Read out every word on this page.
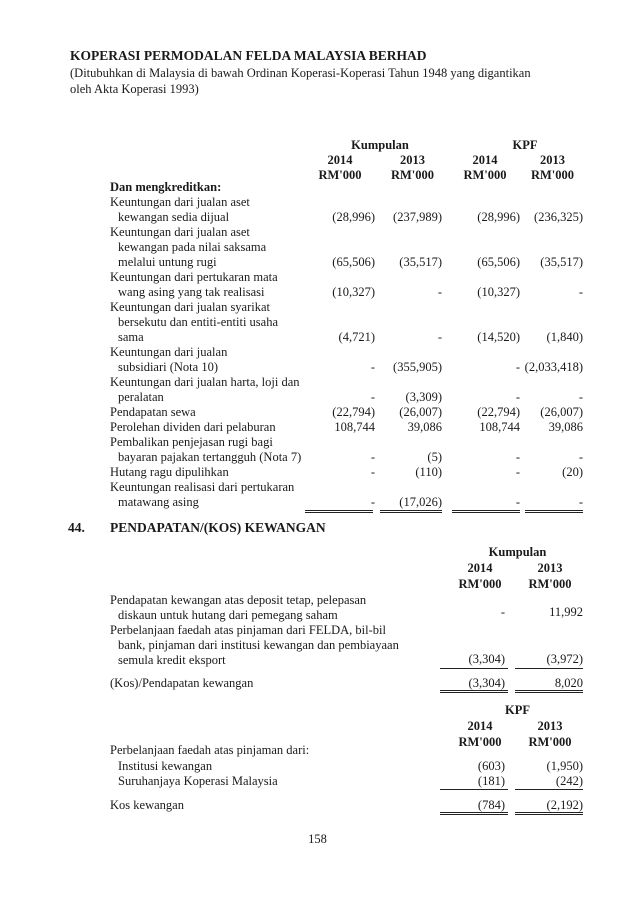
KOPERASI PERMODALAN FELDA MALAYSIA BERHAD
(Ditubuhkan di Malaysia di bawah Ordinan Koperasi-Koperasi Tahun 1948 yang digantikan
oleh Akta Koperasi 1993)
Kumpulan	KPF
2014	2013	2014	2013
RM'000	RM'000	RM'000	RM'000
Dan mengkreditkan:
Keuntungan dari jualan aset
kewangan sedia dijual	(28,996)	(237,989)	(28,996)	(236,325)
Keuntungan dari jualan aset
kewangan pada nilai saksama
melalui untung rugi	(65,506)	(35,517)	(65,506)	(35,517)
Keuntungan dari pertukaran mata
wang asing yang tak realisasi	(10,327)	-	(10,327)	-
Keuntungan dari jualan syarikat
bersekutu dan entiti-entiti usaha
sama	(4,721)	-	(14,520)	(1,840)
Keuntungan dari jualan
subsidiari (Nota 10)	-	(355,905)	- (2,033,418)
Keuntungan dari jualan harta, loji dan
peralatan	-	(3,309)	-	-
Pendapatan sewa	(22,794)	(26,007)	(22,794)	(26,007)
Perolehan dividen dari pelaburan	108,744	39,086	108,744	39,086
Pembalikan penjejasan rugi bagi
bayaran pajakan tertangguh (Nota 7)	-	(5)	-	-
Hutang ragu dipulihkan	-	(110)	-	(20)
Keuntungan realisasi dari pertukaran
matawang asing	-	(17,026)	-	-
44. PENDAPATAN/(KOS) KEWANGAN
Kumpulan
2014	2013
RM'000	RM'000
Pendapatan kewangan atas deposit tetap, pelepasan
diskaun untuk hutang dari pemegang saham	-	11,992
Perbelanjaan faedah atas pinjaman dari FELDA, bil-bil
bank, pinjaman dari institusi kewangan dan pembiayaan
semula kredit eksport	(3,304)	(3,972)
(Kos)/Pendapatan kewangan	(3,304)	8,020
KPF
2014	2013
RM'000	RM'000
Perbelanjaan faedah atas pinjaman dari:
Institusi kewangan	(603)	(1,950)
Suruhanjaya Koperasi Malaysia	(181)	(242)
Kos kewangan	(784)	(2,192)
158
